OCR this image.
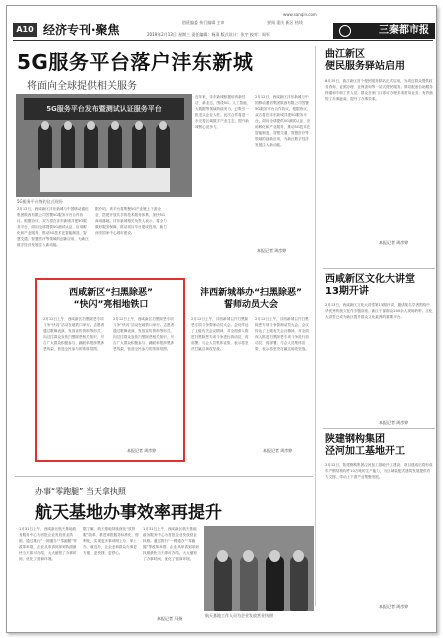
A10 经济专刊·聚焦
值班编委 执行编辑 主审	要闻 重庆 新区 热线
2019年2月13日 星期三 责任编辑：杨清 版式设计：张宇 校对：周军
www.sanqin.com
三秦都市报
5G服务平台落户沣东新城
将面向全球提供相关服务
5G服务平台发布暨测试认证服务平台
5G服务平台签约仪式现场
2月12日，西咸新区沣东新城与中国移动通信集团陕西有限公司签署5G服务平台合作协议。根据协议，双方将在沣东新城共建5G服务平台，面向全球提供5G测试认证、应用孵化和产业服务，推动5G技术在智能制造、智慧交通、智慧医疗等领域的创新应用，为新区数字经济发展注入新动能。
据介绍，该平台将集聚5G产业链上下游企业，搭建开放共享的技术服务体系，加快5G商用落地。沣东新城相关负责人表示，将全力做好服务保障，推动项目早日建成投用，助力西安国家中心城市建设。
近年来，沣东新城积极培育新经济、新业态，围绕5G、人工智能、大数据等领域持续发力，已吸引一批龙头企业入驻。此次合作将进一步完善区域数字产业生态，提升新城核心竞争力。
2月12日，西咸新区沣东新城与中国移动通信集团陕西有限公司签署5G服务平台合作协议。根据协议，双方将在沣东新城共建5G服务平台，面向全球提供5G测试认证、应用孵化和产业服务，推动5G技术在智能制造、智慧交通、智慧医疗等领域的创新应用，为新区数字经济发展注入新动能。
本报记者 周彦婷
曲江新区
便民服务驿站启用
8月15日，曲江新区首个便民服务驿站正式启用，为周边群众提供政务咨询、证照办理、社保查询等一站式便民服务。驿站配备自助服务终端和专职工作人员，群众在家门口即可办理多项常用业务，有效缩短了办事距离，提升了办事效率。
本报记者 周彦婷
西咸新区文化大讲堂
13期开讲
2月13日，西咸新区文化大讲堂第13期开讲，邀请知名学者围绕中华优秀传统文化作专题讲座。新区干部群众200余人现场聆听。文化大讲堂已成为新区提升群众文化素养的重要平台。
本报记者 周彦婷
陕建钢构集团
泾河加工基地开工
2月12日，陕建钢构集团泾河加工基地开工建设。项目建成后将形成年产钢结构构件10万吨的生产能力，为区域装配式建筑发展提供有力支撑，带动上下游产业集聚发展。
本报记者 周彦婷
西咸新区“扫黑除恶”
“快闪”亮相地铁口
2月12日上午，西咸新区扫黑除恶专项斗争“快闪”活动在地铁口举行。志愿者通过歌舞表演、发放宣传资料等形式，向过往群众宣传扫黑除恶相关知识，号召广大群众积极参与、踊跃举报涉黑涉恶线索，营造全民参与的浓厚氛围。
2月12日上午，西咸新区扫黑除恶专项斗争“快闪”活动在地铁口举行。志愿者通过歌舞表演、发放宣传资料等形式，向过往群众宣传扫黑除恶相关知识，号召广大群众积极参与、踊跃举报涉黑涉恶线索，营造全民参与的浓厚氛围。
本报记者 周彦婷
沣西新城举办“扫黑除恶”
誓师动员大会
2月12日上午，沣西新城召开扫黑除恶专项斗争誓师动员大会。会议传达了上级有关会议精神，对全面深入推进扫黑除恶专项斗争进行再动员、再部署。与会人员集体宣誓，表示将坚决打赢这场攻坚战。
2月12日上午，沣西新城召开扫黑除恶专项斗争誓师动员大会。会议传达了上级有关会议精神，对全面深入推进扫黑除恶专项斗争进行再动员、再部署。与会人员集体宣誓，表示将坚决打赢这场攻坚战。
本报记者 周彦婷
办事“零跑腿” 当天拿执照
航天基地办事效率再提升
1月31日上午，西咸新区航天基地政务服务中心为首批企业发放营业执照。通过推行“一网通办”“零跑腿”等改革举措，企业从申请到拿到执照最快当天即可办结，大大缩短了办事时间，优化了营商环境。
据了解，航天基地持续深化“放管服”改革，推进审批服务标准化、便利化，实现更多事项网上办、掌上办、就近办，让企业和群众办事更方便、更快捷、更舒心。
1月31日上午，西咸新区航天基地政务服务中心为首批企业发放营业执照。通过推行“一网通办”“零跑腿”等改革举措，企业从申请到拿到执照最快当天即可办结，大大缩短了办事时间，优化了营商环境。
本报记者 马扬
航天基地工作人员为企业发放营业执照
